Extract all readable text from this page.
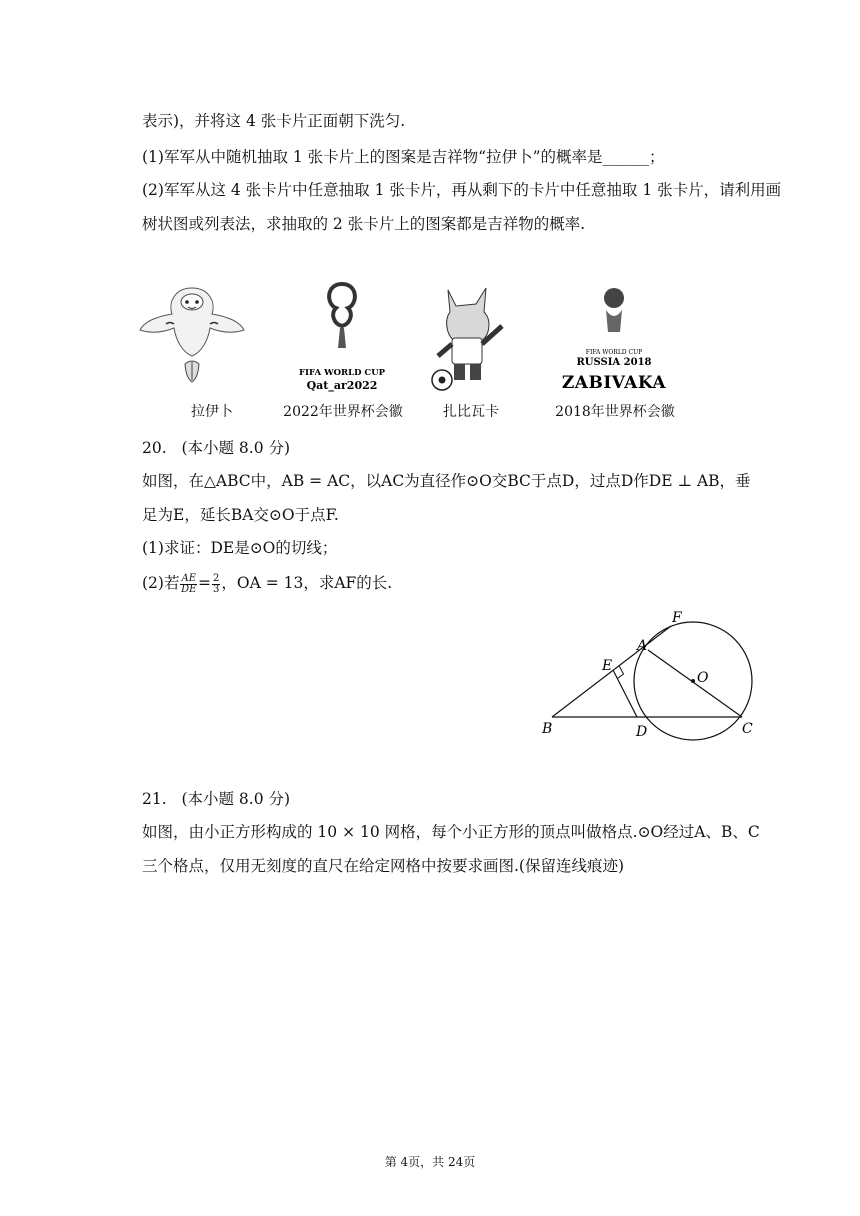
表示)，并将这 4 张卡片正面朝下洗匀.
(1)军军从中随机抽取 1 张卡片上的图案是吉祥物“拉伊卜”的概率是______；
(2)军军从这 4 张卡片中任意抽取 1 张卡片，再从剩下的卡片中任意抽取 1 张卡片，请利用画
树状图或列表法，求抽取的 2 张卡片上的图案都是吉祥物的概率.
FIFA WORLD CUP
Qat_ar2022
FIFA WORLD CUP
RUSSIA 2018
ZABIVAKA
拉伊卜	2022年世界杯会徽	扎比瓦卡	2018年世界杯会徽
20. (本小题 8.0 分)
如图，在△ABC中，AB = AC，以AC为直径作⊙O交BC于点D，过点D作DE ⊥ AB，垂
足为E，延长BA交⊙O于点F.
(1)求证：DE是⊙O的切线；
(2)若 $\frac{AE}{DE} = \frac{2}{3}$ ，OA = 13，求AF的长.
F
A
E
O
B	D	C
21. (本小题 8.0 分)
如图，由小正方形构成的 10 × 10 网格，每个小正方形的顶点叫做格点.⊙O经过A、B、C
三个格点，仅用无刻度的直尺在给定网格中按要求画图.(保留连线痕迹)
第 4页，共 24页
